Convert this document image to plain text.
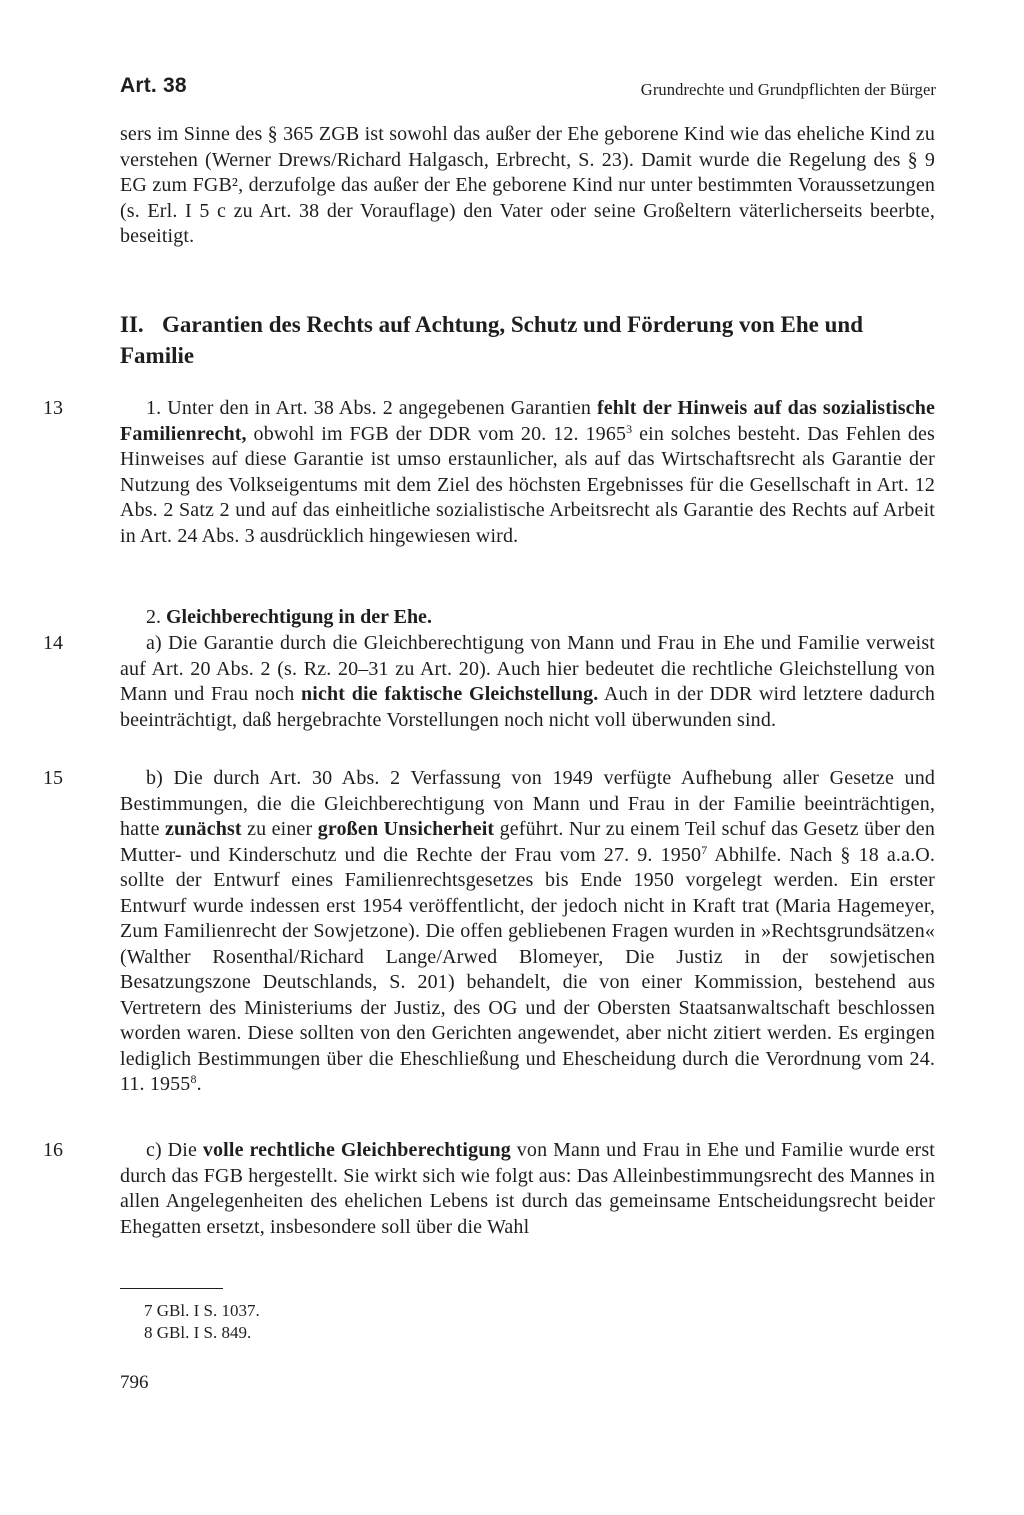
Art. 38	Grundrechte und Grundpflichten der Bürger

sers im Sinne des § 365 ZGB ist sowohl das außer der Ehe geborene Kind wie das eheliche Kind zu verstehen (Werner Drews/Richard Halgasch, Erbrecht, S. 23). Damit wurde die Regelung des § 9 EG zum FGB², derzufolge das außer der Ehe geborene Kind nur unter bestimmten Voraussetzungen (s. Erl. I 5 c zu Art. 38 der Vorauflage) den Vater oder seine Großeltern väterlicherseits beerbte, beseitigt.

II. Garantien des Rechts auf Achtung, Schutz und Förderung von Ehe und Familie
13	1. Unter den in Art. 38 Abs. 2 angegebenen Garantien fehlt der Hinweis auf das sozialistische Familienrecht, obwohl im FGB der DDR vom 20. 12. 1965$^3$ ein solches besteht. Das Fehlen des Hinweises auf diese Garantie ist umso erstaunlicher, als auf das Wirtschaftsrecht als Garantie der Nutzung des Volkseigentums mit dem Ziel des höchsten Ergebnisses für die Gesellschaft in Art. 12 Abs. 2 Satz 2 und auf das einheitliche sozialistische Arbeitsrecht als Garantie des Rechts auf Arbeit in Art. 24 Abs. 3 ausdrücklich hingewiesen wird.

2. Gleichberechtigung in der Ehe.

14	a) Die Garantie durch die Gleichberechtigung von Mann und Frau in Ehe und Familie verweist auf Art. 20 Abs. 2 (s. Rz. 20–31 zu Art. 20). Auch hier bedeutet die rechtliche Gleichstellung von Mann und Frau noch nicht die faktische Gleichstellung. Auch in der DDR wird letztere dadurch beeinträchtigt, daß hergebrachte Vorstellungen noch nicht voll überwunden sind.

15	b) Die durch Art. 30 Abs. 2 Verfassung von 1949 verfügte Aufhebung aller Gesetze und Bestimmungen, die die Gleichberechtigung von Mann und Frau in der Familie beeinträchtigen, hatte zunächst zu einer großen Unsicherheit geführt. Nur zu einem Teil schuf das Gesetz über den Mutter- und Kinderschutz und die Rechte der Frau vom 27. 9. 1950$^7$ Abhilfe. Nach § 18 a.a.O. sollte der Entwurf eines Familienrechtsgesetzes bis Ende 1950 vorgelegt werden. Ein erster Entwurf wurde indessen erst 1954 veröffentlicht, der jedoch nicht in Kraft trat (Maria Hagemeyer, Zum Familienrecht der Sowjetzone). Die offen gebliebenen Fragen wurden in »Rechtsgrundsätzen« (Walther Rosenthal/Richard Lange/Arwed Blomeyer, Die Justiz in der sowjetischen Besatzungszone Deutschlands, S. 201) behandelt, die von einer Kommission, bestehend aus Vertretern des Ministeriums der Justiz, des OG und der Obersten Staatsanwaltschaft beschlossen worden waren. Diese sollten von den Gerichten angewendet, aber nicht zitiert werden. Es ergingen lediglich Bestimmungen über die Eheschließung und Ehescheidung durch die Verordnung vom 24. 11. 1955$^8$.

16	c) Die volle rechtliche Gleichberechtigung von Mann und Frau in Ehe und Familie wurde erst durch das FGB hergestellt. Sie wirkt sich wie folgt aus: Das Alleinbestimmungsrecht des Mannes in allen Angelegenheiten des ehelichen Lebens ist durch das gemeinsame Entscheidungsrecht beider Ehegatten ersetzt, insbesondere soll über die Wahl

7 GBl. I S. 1037.
8 GBl. I S. 849.
796
